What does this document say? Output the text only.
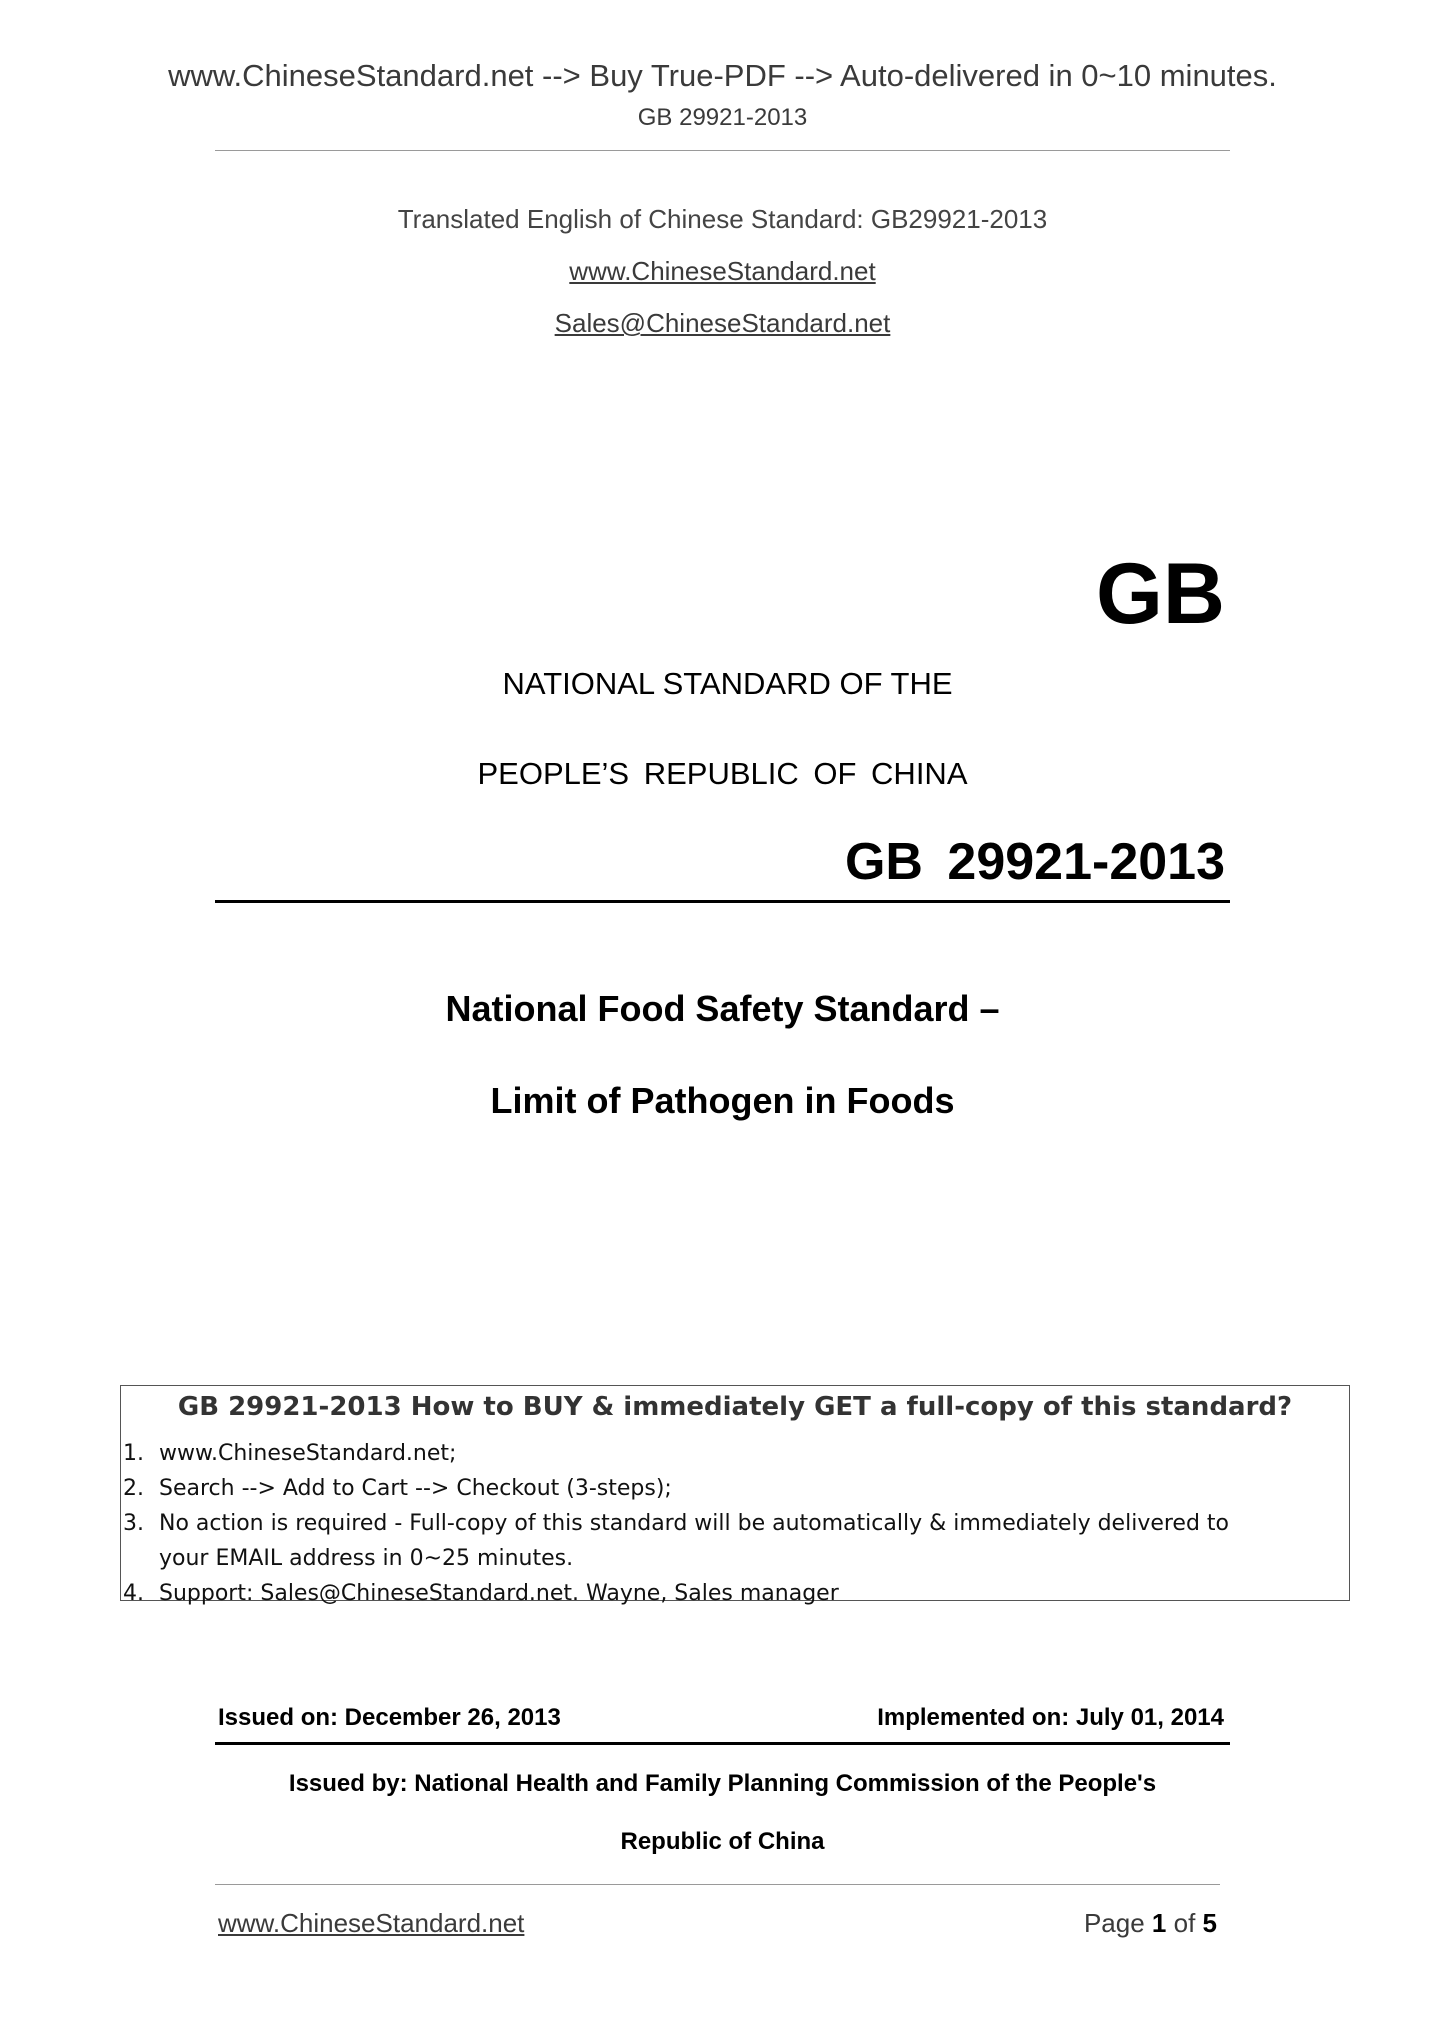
www.ChineseStandard.net --> Buy True-PDF --> Auto-delivered in 0~10 minutes.
GB 29921-2013
Translated English of Chinese Standard: GB29921-2013
www.ChineseStandard.net
Sales@ChineseStandard.net
GB
NATIONAL STANDARD OF THE
PEOPLE’S REPUBLIC OF CHINA
GB 29921-2013
National Food Safety Standard –
Limit of Pathogen in Foods
GB 29921-2013 How to BUY & immediately GET a full-copy of this standard?
1. www.ChineseStandard.net;
2. Search --> Add to Cart --> Checkout (3-steps);
3. No action is required - Full-copy of this standard will be automatically & immediately delivered to
your EMAIL address in 0~25 minutes.
4. Support: Sales@ChineseStandard.net. Wayne, Sales manager
Issued on: December 26, 2013	Implemented on: July 01, 2014
Issued by: National Health and Family Planning Commission of the People's
Republic of China
www.ChineseStandard.net	Page 1 of 5
